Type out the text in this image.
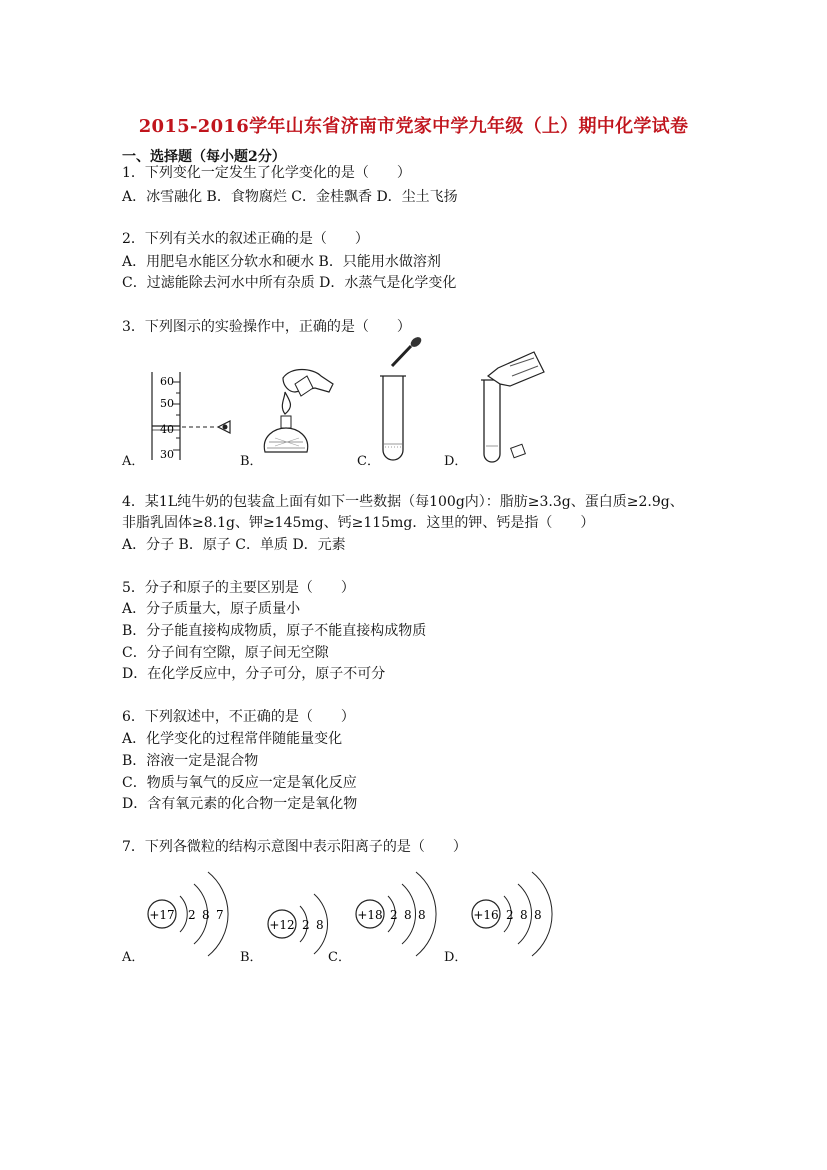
2015-2016学年山东省济南市党家中学九年级（上）期中化学试卷
一、选择题（每小题2分）
1．下列变化一定发生了化学变化的是（　　）
A．冰雪融化 B．食物腐烂 C．金桂飘香 D．尘土飞扬
2．下列有关水的叙述正确的是（　　）
A．用肥皂水能区分软水和硬水 B．只能用水做溶剂
C．过滤能除去河水中所有杂质 D．水蒸气是化学变化
3．下列图示的实验操作中，正确的是（　　）
A．	B．	C．	D．
60
50
40
30
4．某1L纯牛奶的包装盒上面有如下一些数据（每100g内）：脂肪≥3.3g、蛋白质≥2.9g、
非脂乳固体≥8.1g、钾≥145mg、钙≥115mg．这里的钾、钙是指（　　）
A．分子 B．原子 C．单质 D．元素
5．分子和原子的主要区别是（　　）
A．分子质量大，原子质量小
B．分子能直接构成物质，原子不能直接构成物质
C．分子间有空隙，原子间无空隙
D．在化学反应中，分子可分，原子不可分
6．下列叙述中，不正确的是（　　）
A．化学变化的过程常伴随能量变化
B．溶液一定是混合物
C．物质与氧气的反应一定是氧化反应
D．含有氧元素的化合物一定是氧化物
7．下列各微粒的结构示意图中表示阳离子的是（　　）
A．	B．	C．	D．
+17 2 8 7
+12 2 8
+18 2 8 8	+16 2 8 8
